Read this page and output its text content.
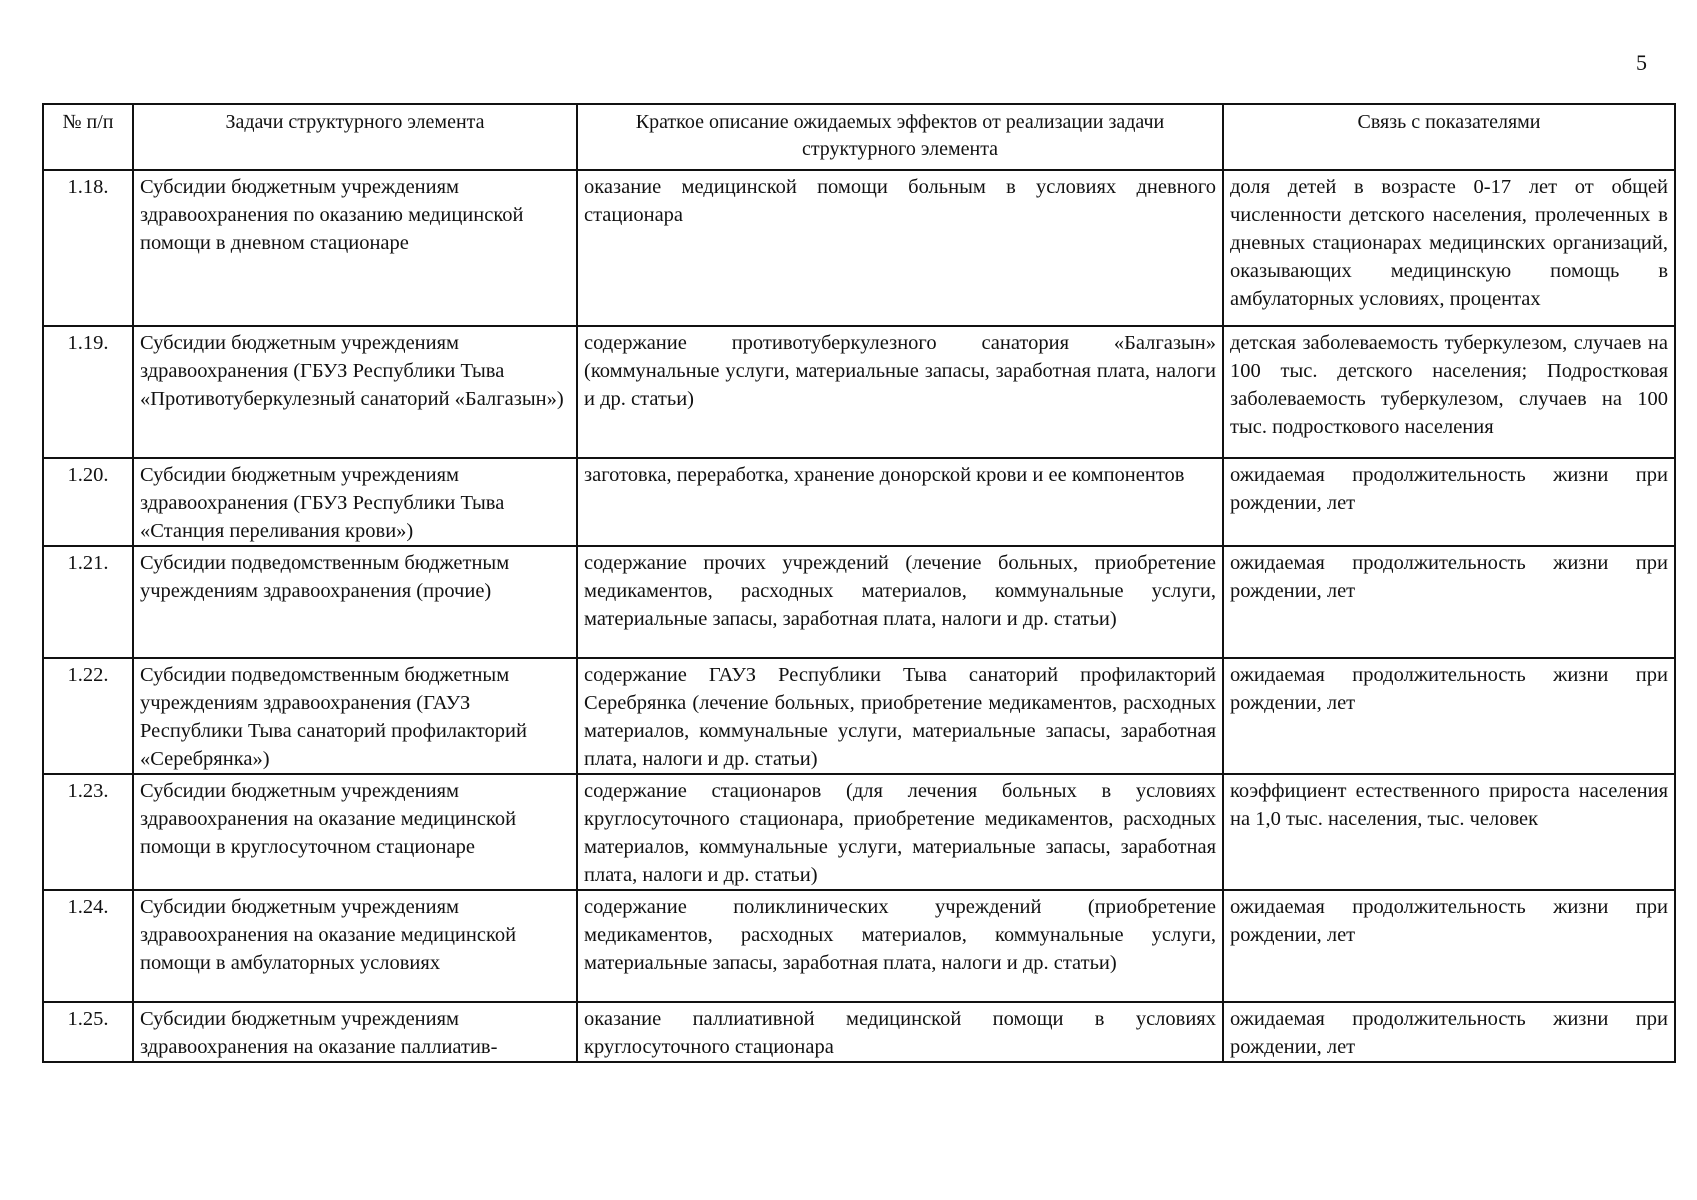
5
№ п/п	Задачи структурного элемента	Краткое описание ожидаемых эффектов от реализации задачи структурного элемента	Связь с показателями
1.18.	Субсидии бюджетным учреждениям здравоохранения по оказанию медицинской помощи в дневном стационаре	оказание медицинской помощи больным в условиях дневного стационара	доля детей в возрасте 0-17 лет от общей численности детского населения, пролеченных в дневных стационарах медицинских организаций, оказывающих медицинскую помощь в амбулаторных условиях, процентах
1.19.	Субсидии бюджетным учреждениям здравоохранения (ГБУЗ Республики Тыва «Противотуберкулезный санаторий «Балгазын»)	содержание противотуберкулезного санатория «Балгазын» (коммунальные услуги, материальные запасы, заработная плата, налоги и др. статьи)	детская заболеваемость туберкулезом, случаев на 100 тыс. детского населения; Подростковая заболеваемость туберкулезом, случаев на 100 тыс. подросткового населения
1.20.	Субсидии бюджетным учреждениям здравоохранения (ГБУЗ Республики Тыва «Станция переливания крови»)	заготовка, переработка, хранение донорской крови и ее компонентов	ожидаемая продолжительность жизни при рождении, лет
1.21.	Субсидии подведомственным бюджетным учреждениям здравоохранения (прочие)	содержание прочих учреждений (лечение больных, приобретение медикаментов, расходных материалов, коммунальные услуги, материальные запасы, заработная плата, налоги и др. статьи)	ожидаемая продолжительность жизни при рождении, лет
1.22.	Субсидии подведомственным бюджетным учреждениям здравоохранения (ГАУЗ Республики Тыва санаторий профилакторий «Серебрянка»)	содержание ГАУЗ Республики Тыва санаторий профилакторий Серебрянка (лечение больных, приобретение медикаментов, расходных материалов, коммунальные услуги, материальные запасы, заработная плата, налоги и др. статьи)	ожидаемая продолжительность жизни при рождении, лет
1.23.	Субсидии бюджетным учреждениям здравоохранения на оказание медицинской помощи в круглосуточном стационаре	содержание стационаров (для лечения больных в условиях круглосуточного стационара, приобретение медикаментов, расходных материалов, коммунальные услуги, материальные запасы, заработная плата, налоги и др. статьи)	коэффициент естественного прироста населения на 1,0 тыс. населения, тыс. человек
1.24.	Субсидии бюджетным учреждениям здравоохранения на оказание медицинской помощи в амбулаторных условиях	содержание поликлинических учреждений (приобретение медикаментов, расходных материалов, коммунальные услуги, материальные запасы, заработная плата, налоги и др. статьи)	ожидаемая продолжительность жизни при рождении, лет
1.25.	Субсидии бюджетным учреждениям здравоохранения на оказание паллиатив-	оказание паллиативной медицинской помощи в условиях круглосуточного стационара	ожидаемая продолжительность жизни при рождении, лет
